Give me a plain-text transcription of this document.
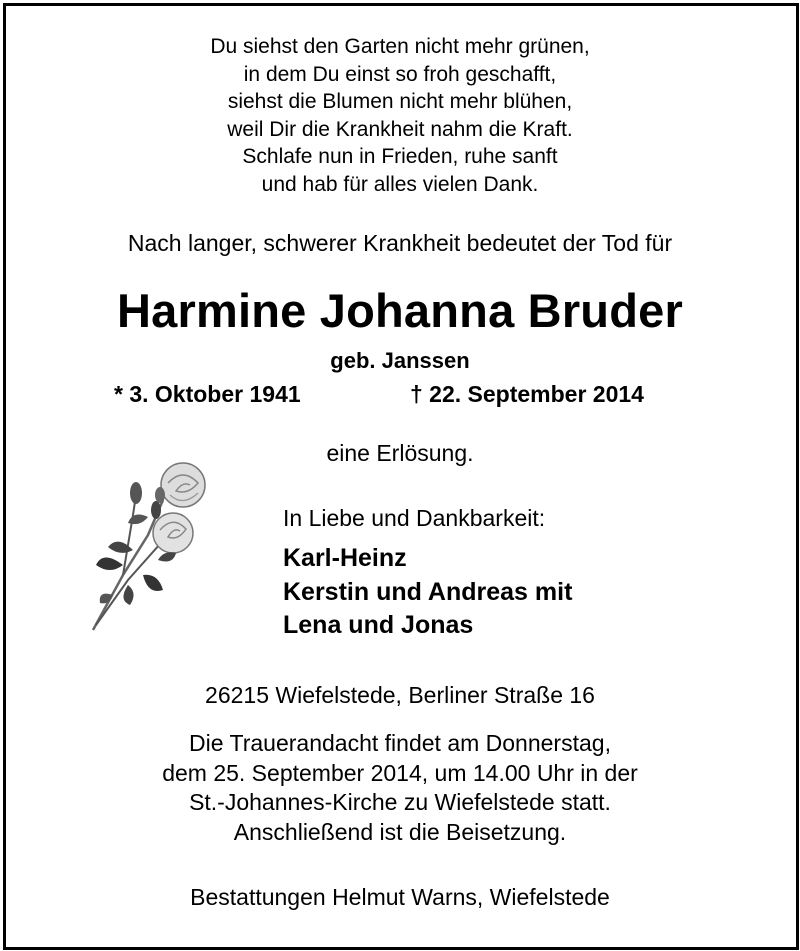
Du siehst den Garten nicht mehr grünen,
in dem Du einst so froh geschafft,
siehst die Blumen nicht mehr blühen,
weil Dir die Krankheit nahm die Kraft.
Schlafe nun in Frieden, ruhe sanft
und hab für alles vielen Dank.
Nach langer, schwerer Krankheit bedeutet der Tod für
Harmine Johanna Bruder
geb. Janssen
* 3. Oktober 1941	† 22. September 2014
eine Erlösung.
In Liebe und Dankbarkeit:
Karl-Heinz
Kerstin und Andreas mit
Lena und Jonas
26215 Wiefelstede, Berliner Straße 16
Die Trauerandacht findet am Donnerstag,
dem 25. September 2014, um 14.00 Uhr in der
St.-Johannes-Kirche zu Wiefelstede statt.
Anschließend ist die Beisetzung.
Bestattungen Helmut Warns, Wiefelstede
